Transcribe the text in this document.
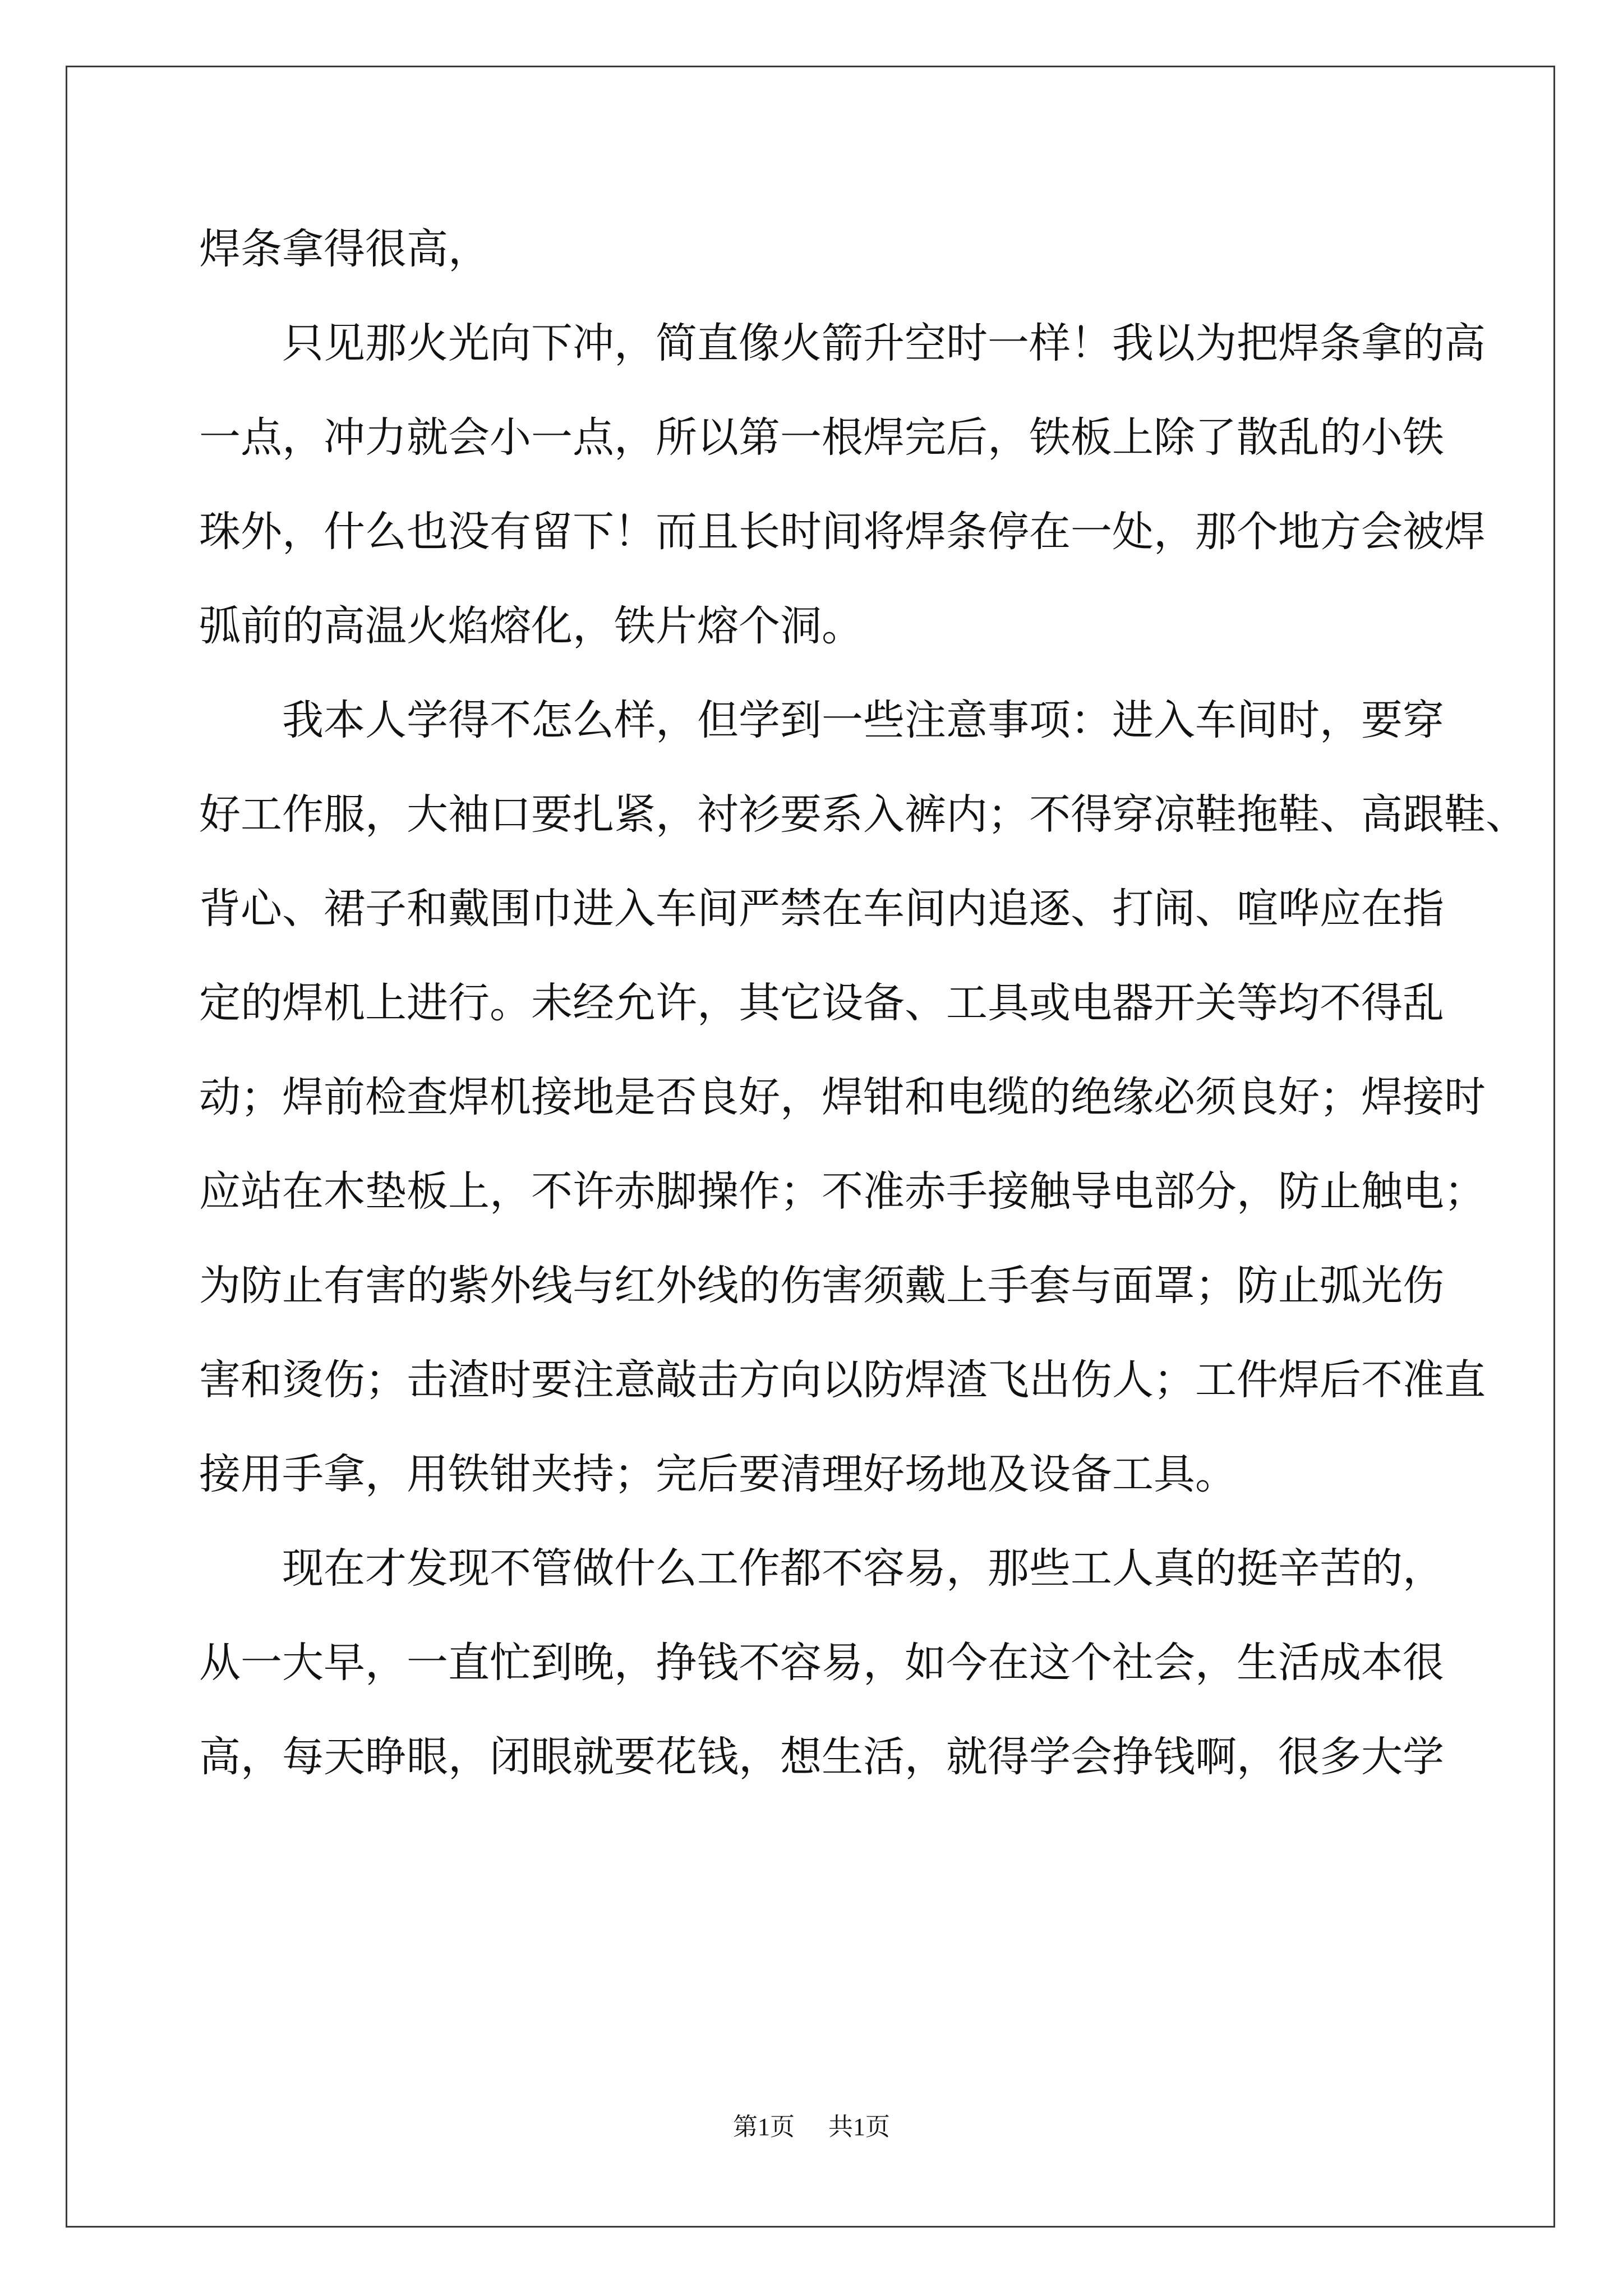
焊条拿得很高，
只见那火光向下冲，简直像火箭升空时一样！我以为把焊条拿的高
一点，冲力就会小一点，所以第一根焊完后，铁板上除了散乱的小铁
珠外，什么也没有留下！而且长时间将焊条停在一处，那个地方会被焊
弧前的高温火焰熔化，铁片熔个洞。
我本人学得不怎么样，但学到一些注意事项：进入车间时，要穿
好工作服，大袖口要扎紧，衬衫要系入裤内；不得穿凉鞋拖鞋、高跟鞋、
背心、裙子和戴围巾进入车间严禁在车间内追逐、打闹、喧哗应在指
定的焊机上进行。未经允许，其它设备、工具或电器开关等均不得乱
动；焊前检查焊机接地是否良好，焊钳和电缆的绝缘必须良好；焊接时
应站在木垫板上，不许赤脚操作；不准赤手接触导电部分，防止触电；
为防止有害的紫外线与红外线的伤害须戴上手套与面罩；防止弧光伤
害和烫伤；击渣时要注意敲击方向以防焊渣飞出伤人；工件焊后不准直
接用手拿，用铁钳夹持；完后要清理好场地及设备工具。
现在才发现不管做什么工作都不容易，那些工人真的挺辛苦的，
从一大早，一直忙到晚，挣钱不容易，如今在这个社会，生活成本很
高，每天睁眼，闭眼就要花钱，想生活，就得学会挣钱啊，很多大学
第1页 共1页
